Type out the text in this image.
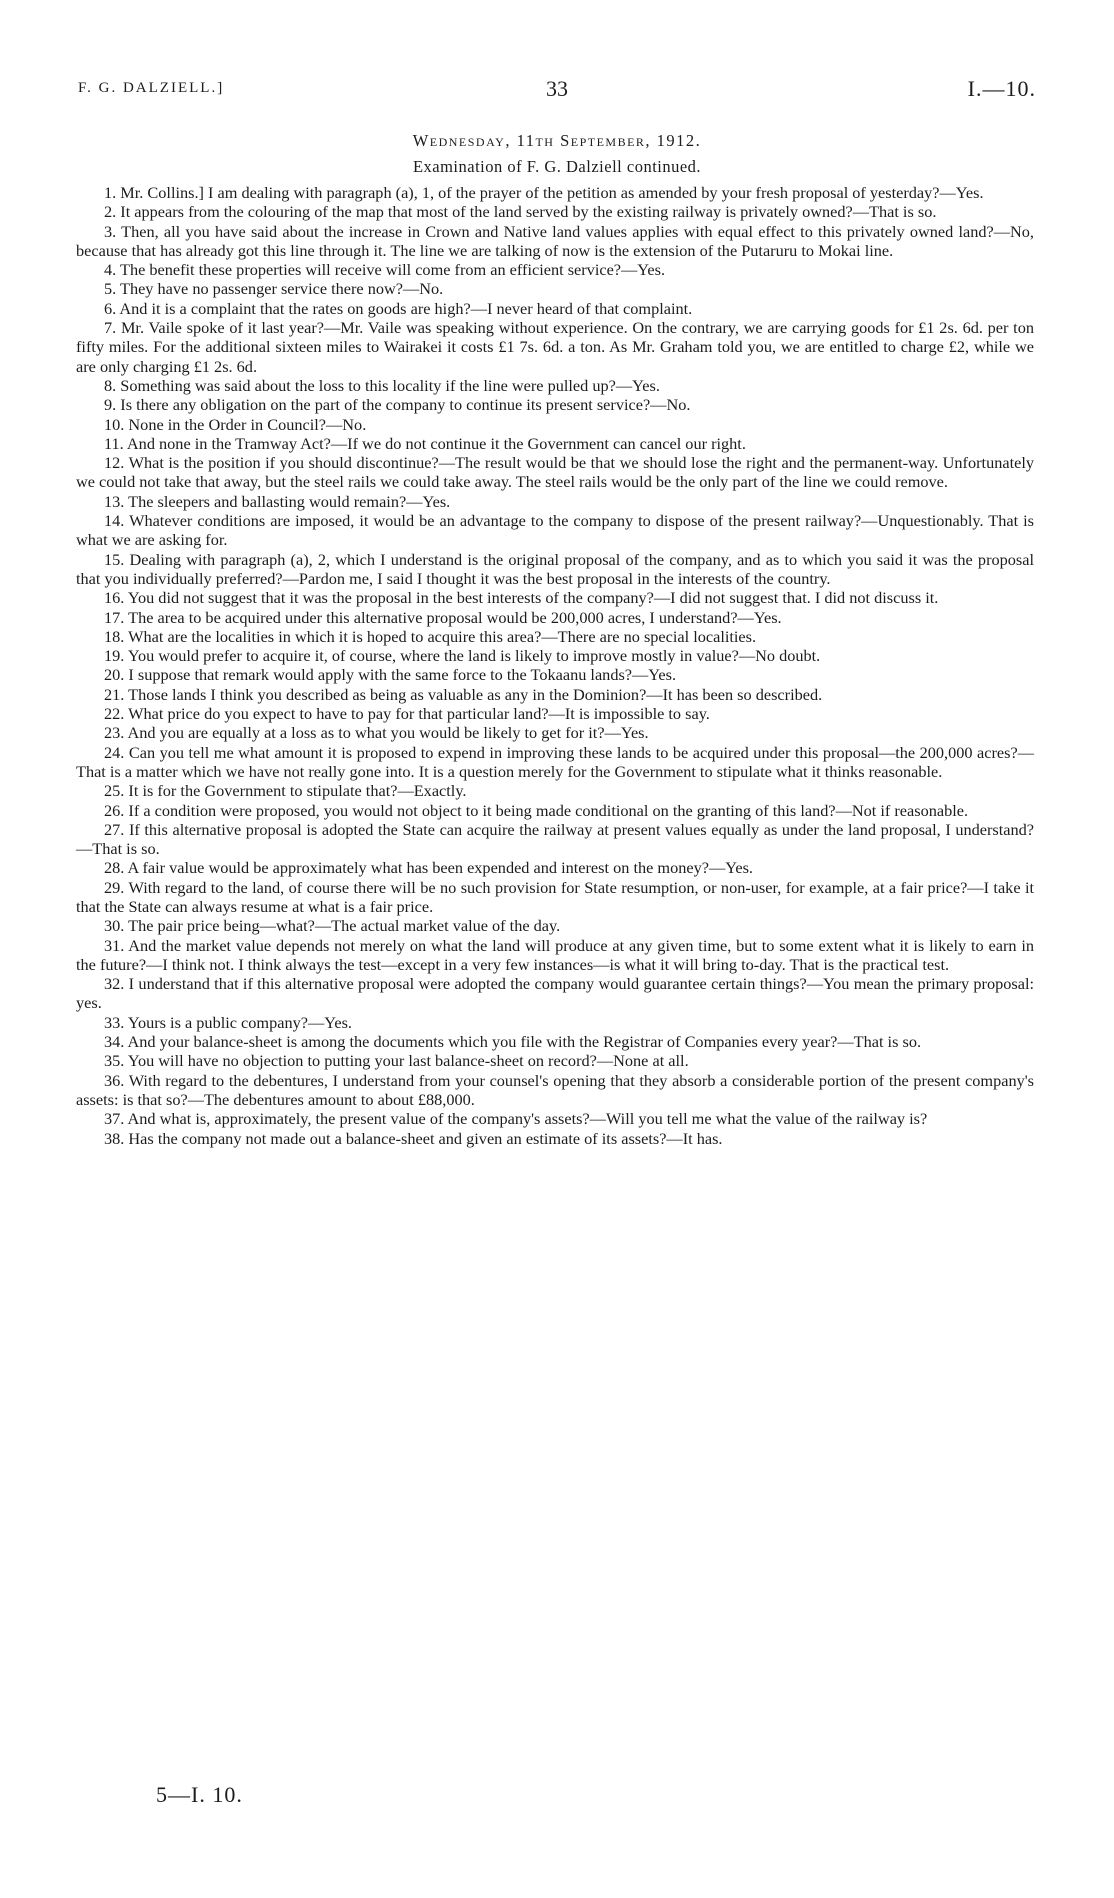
F. G. DALZIELL.]	33	I.—10.
Wednesday, 11th September, 1912.
Examination of F. G. Dalziell continued.

1. Mr. Collins.] I am dealing with paragraph (a), 1, of the prayer of the petition as amended by your fresh proposal of yesterday?—Yes.

2. It appears from the colouring of the map that most of the land served by the existing railway is privately owned?—That is so.

3. Then, all you have said about the increase in Crown and Native land values applies with equal effect to this privately owned land?—No, because that has already got this line through it. The line we are talking of now is the extension of the Putaruru to Mokai line.

4. The benefit these properties will receive will come from an efficient service?—Yes.

5. They have no passenger service there now?—No.

6. And it is a complaint that the rates on goods are high?—I never heard of that complaint.

7. Mr. Vaile spoke of it last year?—Mr. Vaile was speaking without experience. On the contrary, we are carrying goods for £1 2s. 6d. per ton fifty miles. For the additional sixteen miles to Wairakei it costs £1 7s. 6d. a ton. As Mr. Graham told you, we are entitled to charge £2, while we are only charging £1 2s. 6d.

8. Something was said about the loss to this locality if the line were pulled up?—Yes.

9. Is there any obligation on the part of the company to continue its present service?—No.

10. None in the Order in Council?—No.

11. And none in the Tramway Act?—If we do not continue it the Government can cancel our right.

12. What is the position if you should discontinue?—The result would be that we should lose the right and the permanent-way. Unfortunately we could not take that away, but the steel rails we could take away. The steel rails would be the only part of the line we could remove.

13. The sleepers and ballasting would remain?—Yes.

14. Whatever conditions are imposed, it would be an advantage to the company to dispose of the present railway?—Unquestionably. That is what we are asking for.

15. Dealing with paragraph (a), 2, which I understand is the original proposal of the company, and as to which you said it was the proposal that you individually preferred?—Pardon me, I said I thought it was the best proposal in the interests of the country.

16. You did not suggest that it was the proposal in the best interests of the company?—I did not suggest that. I did not discuss it.

17. The area to be acquired under this alternative proposal would be 200,000 acres, I understand?—Yes.

18. What are the localities in which it is hoped to acquire this area?—There are no special localities.

19. You would prefer to acquire it, of course, where the land is likely to improve mostly in value?—No doubt.

20. I suppose that remark would apply with the same force to the Tokaanu lands?—Yes.

21. Those lands I think you described as being as valuable as any in the Dominion?—It has been so described.

22. What price do you expect to have to pay for that particular land?—It is impossible to say.

23. And you are equally at a loss as to what you would be likely to get for it?—Yes.

24. Can you tell me what amount it is proposed to expend in improving these lands to be acquired under this proposal—the 200,000 acres?—That is a matter which we have not really gone into. It is a question merely for the Government to stipulate what it thinks reasonable.

25. It is for the Government to stipulate that?—Exactly.

26. If a condition were proposed, you would not object to it being made conditional on the granting of this land?—Not if reasonable.

27. If this alternative proposal is adopted the State can acquire the railway at present values equally as under the land proposal, I understand?—That is so.

28. A fair value would be approximately what has been expended and interest on the money?—Yes.

29. With regard to the land, of course there will be no such provision for State resumption, or non-user, for example, at a fair price?—I take it that the State can always resume at what is a fair price.

30. The pair price being—what?—The actual market value of the day.

31. And the market value depends not merely on what the land will produce at any given time, but to some extent what it is likely to earn in the future?—I think not. I think always the test—except in a very few instances—is what it will bring to-day. That is the practical test.

32. I understand that if this alternative proposal were adopted the company would guarantee certain things?—You mean the primary proposal: yes.

33. Yours is a public company?—Yes.

34. And your balance-sheet is among the documents which you file with the Registrar of Companies every year?—That is so.

35. You will have no objection to putting your last balance-sheet on record?—None at all.

36. With regard to the debentures, I understand from your counsel's opening that they absorb a considerable portion of the present company's assets: is that so?—The debentures amount to about £88,000.

37. And what is, approximately, the present value of the company's assets?—Will you tell me what the value of the railway is?

38. Has the company not made out a balance-sheet and given an estimate of its assets?—It has.

5—I. 10.
